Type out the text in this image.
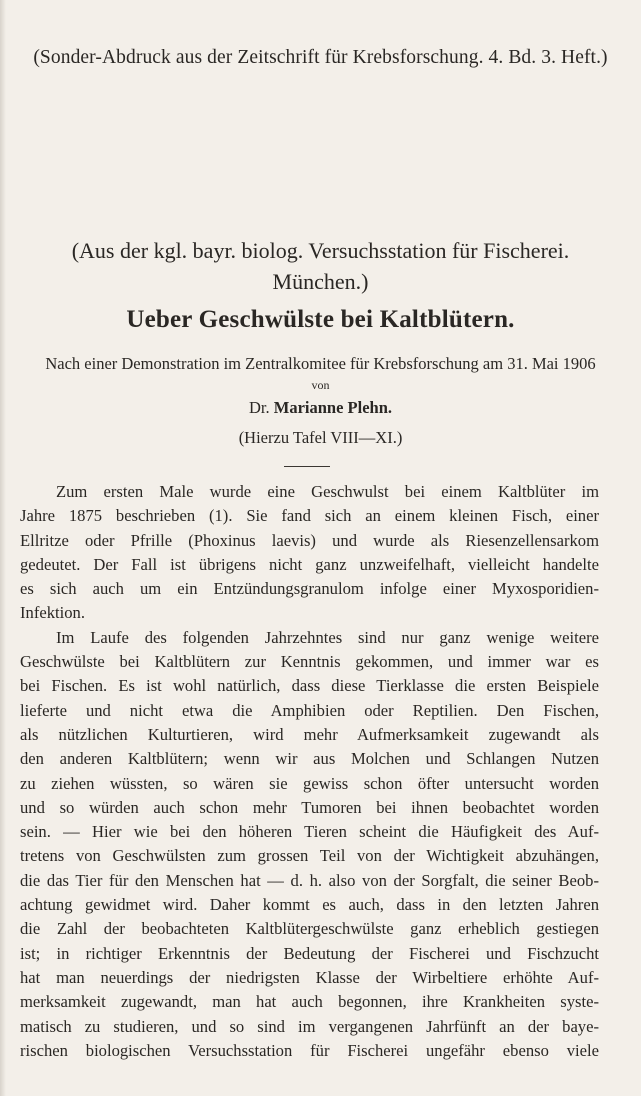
(Sonder-Abdruck aus der Zeitschrift für Krebsforschung. 4. Bd. 3. Heft.)
(Aus der kgl. bayr. biolog. Versuchsstation für Fischerei.
München.)
Ueber Geschwülste bei Kaltblütern.
Nach einer Demonstration im Zentralkomitee für Krebsforschung am 31. Mai 1906
von
Dr. Marianne Plehn.
(Hierzu Tafel VIII—XI.)
Zum ersten Male wurde eine Geschwulst bei einem Kaltblüter im
Jahre 1875 beschrieben (1). Sie fand sich an einem kleinen Fisch, einer
Ellritze oder Pfrille (Phoxinus laevis) und wurde als Riesenzellensarkom
gedeutet. Der Fall ist übrigens nicht ganz unzweifelhaft, vielleicht handelte
es sich auch um ein Entzündungsgranulom infolge einer Myxosporidien-
Infektion.
Im Laufe des folgenden Jahrzehntes sind nur ganz wenige weitere
Geschwülste bei Kaltblütern zur Kenntnis gekommen, und immer war es
bei Fischen. Es ist wohl natürlich, dass diese Tierklasse die ersten Beispiele
lieferte und nicht etwa die Amphibien oder Reptilien. Den Fischen,
als nützlichen Kulturtieren, wird mehr Aufmerksamkeit zugewandt als
den anderen Kaltblütern; wenn wir aus Molchen und Schlangen Nutzen
zu ziehen wüssten, so wären sie gewiss schon öfter untersucht worden
und so würden auch schon mehr Tumoren bei ihnen beobachtet worden
sein. — Hier wie bei den höheren Tieren scheint die Häufigkeit des Auf-
tretens von Geschwülsten zum grossen Teil von der Wichtigkeit abzuhängen,
die das Tier für den Menschen hat — d. h. also von der Sorgfalt, die seiner Beob-
achtung gewidmet wird. Daher kommt es auch, dass in den letzten Jahren
die Zahl der beobachteten Kaltblütergeschwülste ganz erheblich gestiegen
ist; in richtiger Erkenntnis der Bedeutung der Fischerei und Fischzucht
hat man neuerdings der niedrigsten Klasse der Wirbeltiere erhöhte Auf-
merksamkeit zugewandt, man hat auch begonnen, ihre Krankheiten syste-
matisch zu studieren, und so sind im vergangenen Jahrfünft an der baye-
rischen biologischen Versuchsstation für Fischerei ungefähr ebenso viele
